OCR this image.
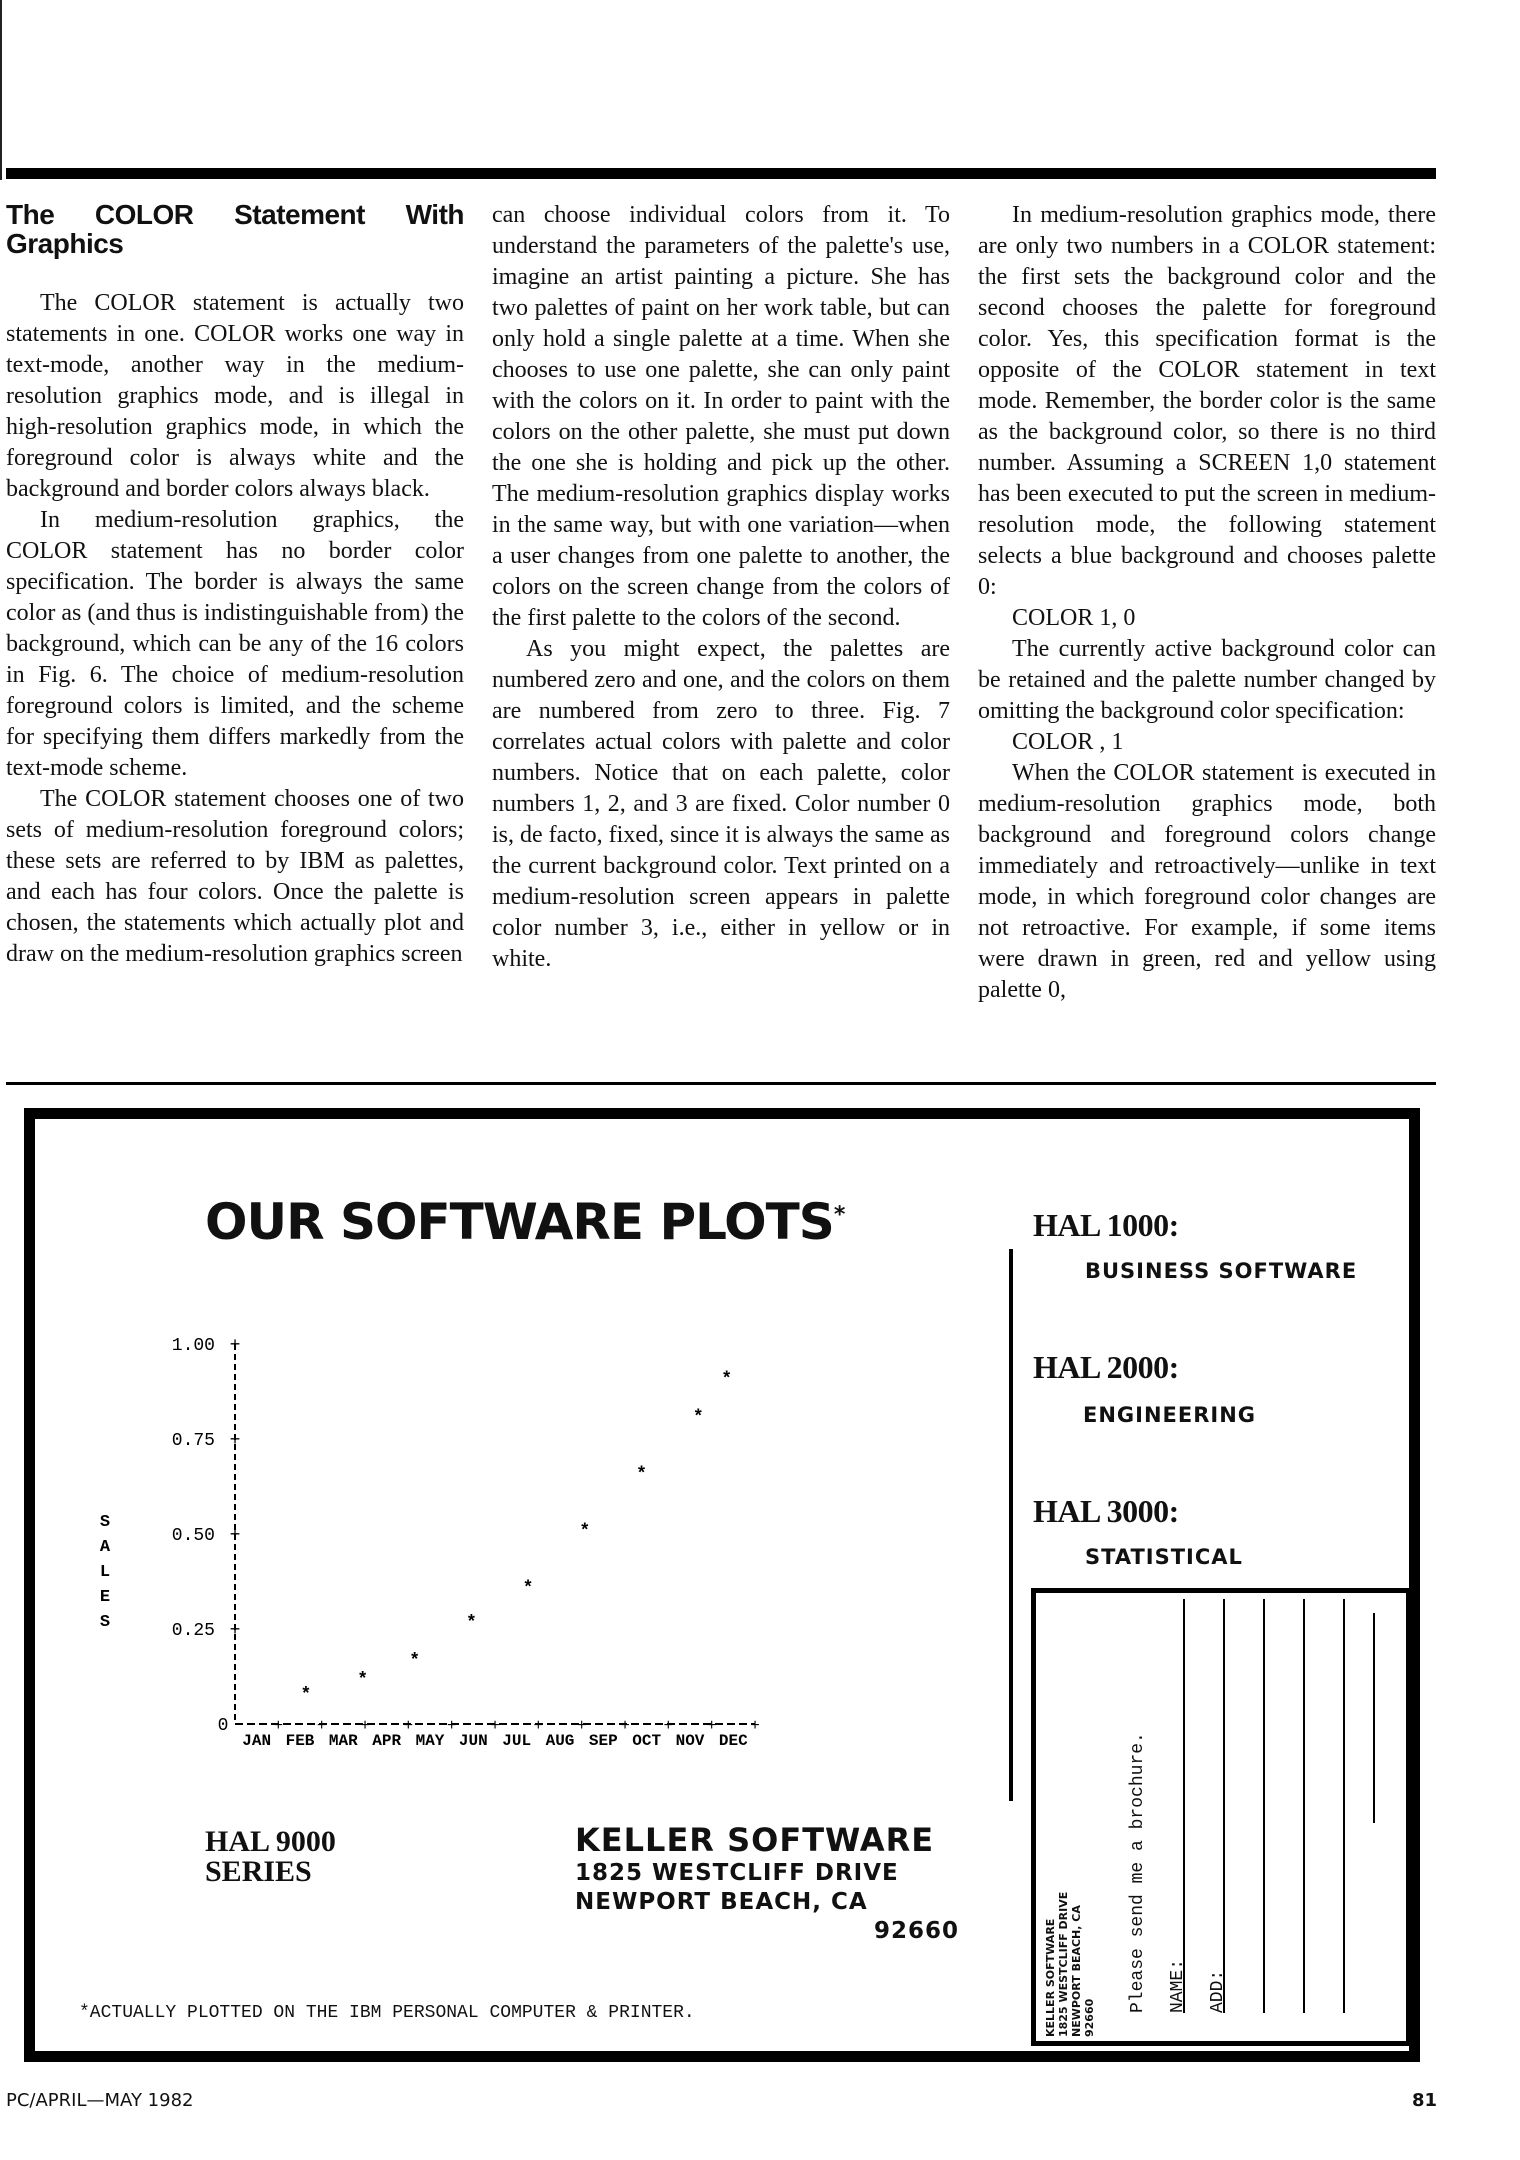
The COLOR Statement With Graphics

The COLOR statement is actually two statements in one. COLOR works one way in text-mode, another way in the medium-resolution graphics mode, and is illegal in high-resolution graphics mode, in which the foreground color is always white and the background and border colors always black.

In medium-resolution graphics, the COLOR statement has no border color specification. The border is always the same color as (and thus is indistinguishable from) the background, which can be any of the 16 colors in Fig. 6. The choice of medium-resolution foreground colors is limited, and the scheme for specifying them differs markedly from the text-mode scheme.

The COLOR statement chooses one of two sets of medium-resolution foreground colors; these sets are referred to by IBM as palettes, and each has four colors. Once the palette is chosen, the statements which actually plot and draw on the medium-resolution graphics screen

can choose individual colors from it. To understand the parameters of the palette's use, imagine an artist painting a picture. She has two palettes of paint on her work table, but can only hold a single palette at a time. When she chooses to use one palette, she can only paint with the colors on it. In order to paint with the colors on the other palette, she must put down the one she is holding and pick up the other. The medium-resolution graphics display works in the same way, but with one variation—when a user changes from one palette to another, the colors on the screen change from the colors of the first palette to the colors of the second.

As you might expect, the palettes are numbered zero and one, and the colors on them are numbered from zero to three. Fig. 7 correlates actual colors with palette and color numbers. Notice that on each palette, color numbers 1, 2, and 3 are fixed. Color number 0 is, de facto, fixed, since it is always the same as the current background color. Text printed on a medium-resolution screen appears in palette color number 3, i.e., either in yellow or in white.

In medium-resolution graphics mode, there are only two numbers in a COLOR statement: the first sets the background color and the second chooses the palette for foreground color. Yes, this specification format is the opposite of the COLOR statement in text mode. Remember, the border color is the same as the background color, so there is no third number. Assuming a SCREEN 1,0 statement has been executed to put the screen in medium-resolution mode, the following statement selects a blue background and chooses palette 0:

COLOR 1, 0

The currently active background color can be retained and the palette number changed by omitting the background color specification:

COLOR , 1

When the COLOR statement is executed in medium-resolution graphics mode, both background and foreground colors change immediately and retroactively—unlike in text mode, in which foreground color changes are not retroactive. For example, if some items were drawn in green, red and yellow using palette 0,

OUR SOFTWARE PLOTS*
1.00 +
0.75 +
0.50 +
0.25 +
0
JAN
+
FEB
+
MAR
+
APR
+
MAY
+
JUN
+
JUL
+
AUG
+
SEP
+
OCT
+
NOV
+
DEC
+
S
A
L
E
S
*
*
*
*
*
*
*
*
*
HAL 1000:
BUSINESS SOFTWARE
HAL 2000:
ENGINEERING
HAL 3000:
STATISTICAL
HAL 9000
SERIES
KELLER SOFTWARE
1825 WESTCLIFF DRIVE
NEWPORT BEACH, CA
92660
*ACTUALLY PLOTTED ON THE IBM PERSONAL COMPUTER & PRINTER.	KELLER SOFTWARE 1825 WESTCLIFF DRIVE NEWPORT BEACH, CA 92660
Please send me a brochure. NAME: ADD:
PC/APRIL—MAY 1982	81
